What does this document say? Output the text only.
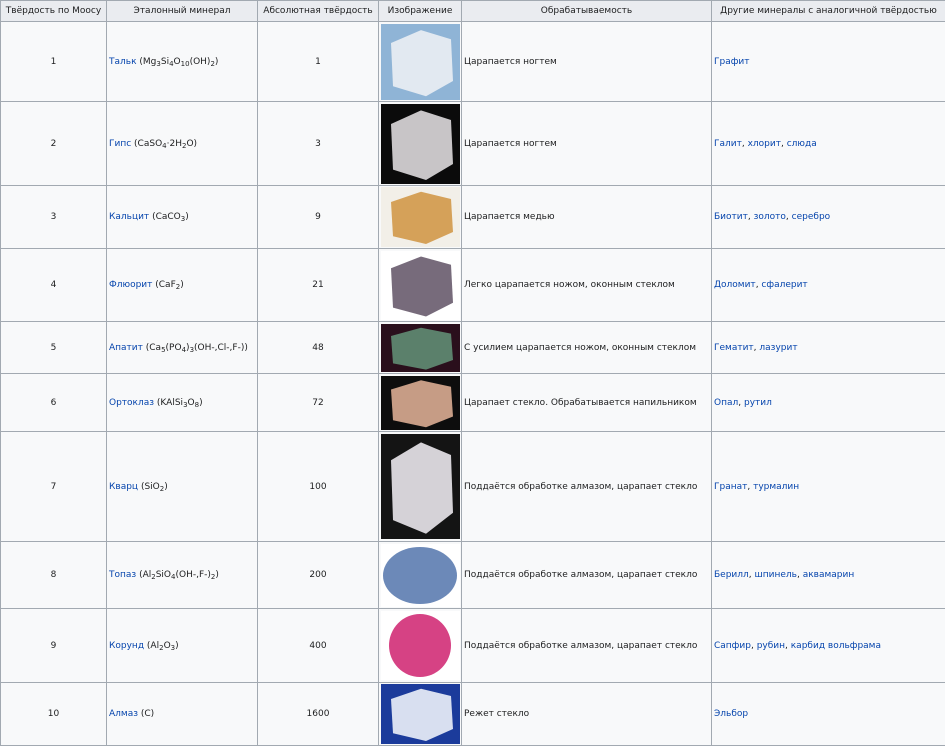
Твёрдость по Моосу	Эталонный минерал	Абсолютная твёрдость	Изображение	Обрабатываемость	Другие минералы с аналогичной твёрдостью
1	Тальк $(Mg_3Si_4O_{10}(OH)_2)$	1		Царапается ногтем	Графит
2	Гипс $(CaSO_4\cdot 2H_2O)$	3		Царапается ногтем	Галит, хлорит, слюда
3	Кальцит (CaCO$_3$)	9		Царапается медью	Биотит, золото, серебро
4	Флюорит (CaF$_2$)	21		Легко царапается ножом, оконным стеклом	Доломит, сфалерит
5	Апатит $(Ca_5(PO_4)_3(OH-,Cl-,F-))$	48		С усилием царапается ножом, оконным стеклом	Гематит, лазурит
6	Ортоклаз $(KAlSi_3O_8)$	72		Царапает стекло. Обрабатывается напильником	Опал, рутил
7	Кварц (SiO$_2$)	100		Поддаётся обработке алмазом, царапает стекло	Гранат, турмалин
8	Топаз $(Al_2SiO_4(OH-,F-)_2)$	200		Поддаётся обработке алмазом, царапает стекло	Берилл, шпинель, аквамарин
9	Корунд $(Al_2O_3)$	400		Поддаётся обработке алмазом, царапает стекло	Сапфир, рубин, карбид вольфрама
10	Алмаз (C)	1600		Режет стекло	Эльбор
